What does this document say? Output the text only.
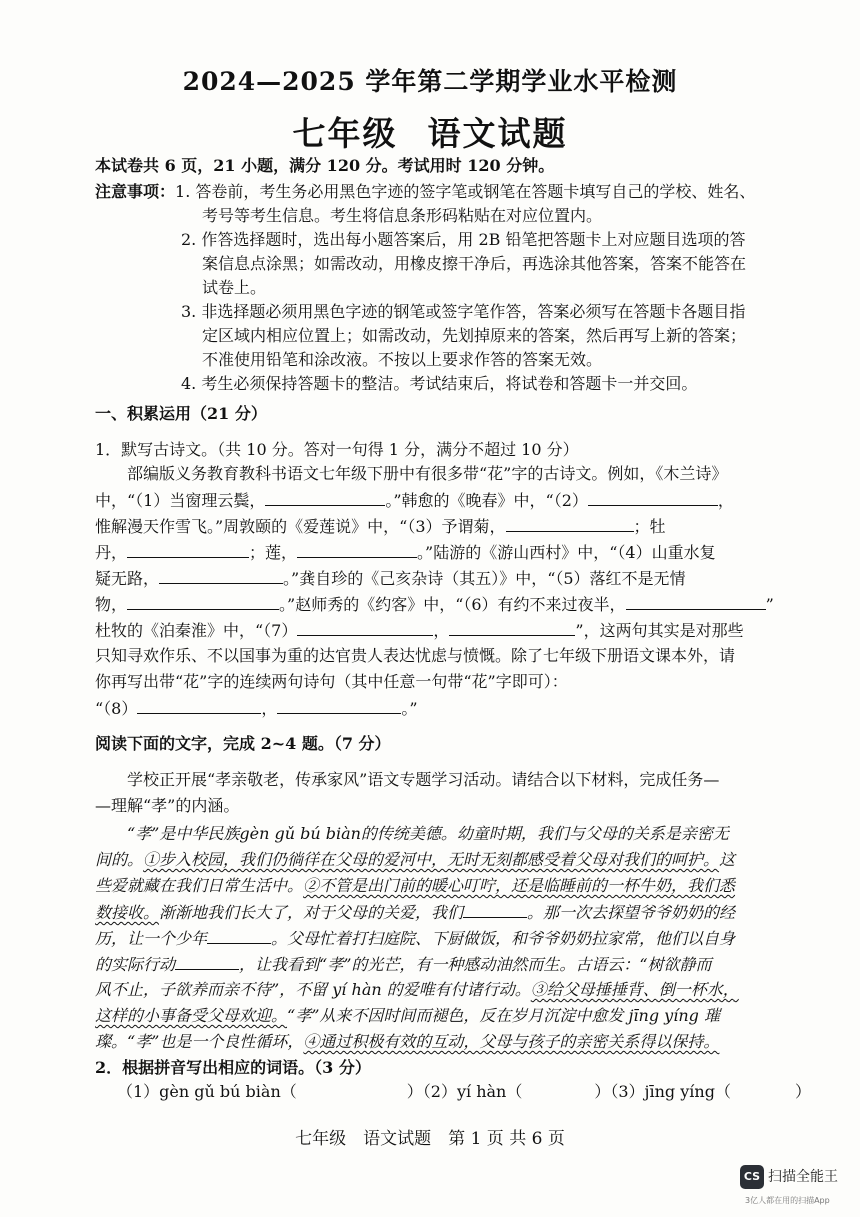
2024—2025 学年第二学期学业水平检测
七年级 语文试题
本试卷共 6 页，21 小题，满分 120 分。考试用时 120 分钟。
注意事项：1. 答卷前，考生务必用黑色字迹的签字笔或钢笔在答题卡填写自己的学校、姓名、
考号等考生信息。考生将信息条形码粘贴在对应位置内。
2. 作答选择题时，选出每小题答案后，用 2B 铅笔把答题卡上对应题目选项的答
案信息点涂黑；如需改动，用橡皮擦干净后，再选涂其他答案，答案不能答在
试卷上。
3. 非选择题必须用黑色字迹的钢笔或签字笔作答，答案必须写在答题卡各题目指
定区域内相应位置上；如需改动，先划掉原来的答案，然后再写上新的答案；
不准使用铅笔和涂改液。不按以上要求作答的答案无效。
4. 考生必须保持答题卡的整洁。考试结束后，将试卷和答题卡一并交回。
一、积累运用（21 分）
1．默写古诗文。（共 10 分。答对一句得 1 分，满分不超过 10 分）
部编版义务教育教科书语文七年级下册中有很多带“花”字的古诗文。例如，《木兰诗》
中，“（1）当窗理云鬓，	。”韩愈的《晚春》中，“（2）	，
惟解漫天作雪飞。”周敦颐的《爱莲说》中，“（3）予谓菊，	；牡
丹，	；莲，	。”陆游的《游山西村》中，“（4）山重水复
疑无路，	。”龚自珍的《己亥杂诗（其五）》中，“（5）落红不是无情
物，	。”赵师秀的《约客》中，“（6）有约不来过夜半，	”
杜牧的《泊秦淮》中，“（7）	，	”，这两句其实是对那些
只知寻欢作乐、不以国事为重的达官贵人表达忧虑与愤慨。除了七年级下册语文课本外，请
你再写出带“花”字的连续两句诗句（其中任意一句带“花”字即可）：
“（8）	，	。”
阅读下面的文字，完成 2~4 题。（7 分）
学校正开展“孝亲敬老，传承家风”语文专题学习活动。请结合以下材料，完成任务—
—理解“孝”的内涵。
“孝”是中华民族gèn gǔ bú biàn的传统美德。幼童时期，我们与父母的关系是亲密无
间的。①步入校园，我们仍徜徉在父母的爱河中，无时无刻都感受着父母对我们的呵护。这
些爱就藏在我们日常生活中。②不管是出门前的暖心叮咛，还是临睡前的一杯牛奶，我们悉
数接收。渐渐地我们长大了，对于父母的关爱，我们	。那一次去探望爷爷奶奶的经
历，让一个少年	。父母忙着打扫庭院、下厨做饭，和爷爷奶奶拉家常，他们以自身
的实际行动	，让我看到“孝”的光芒，有一种感动油然而生。古语云：“树欲静而
风不止，子欲养而亲不待”，不留 yí hàn 的爱唯有付诸行动。③给父母捶捶背、倒一杯水，
这样的小事备受父母欢迎。“孝”从来不因时间而褪色，反在岁月沉淀中愈发 jīng yíng 璀
璨。“孝”也是一个良性循环，④通过积极有效的互动，父母与孩子的亲密关系得以保持。
2．根据拼音写出相应的词语。（3 分）
（1）gèn gǔ bú biàn（	）（2）yí hàn（	）（3）jīng yíng（	）
七年级　语文试题　第 1 页 共 6 页
CS 扫描全能王
3亿人都在用的扫描App
